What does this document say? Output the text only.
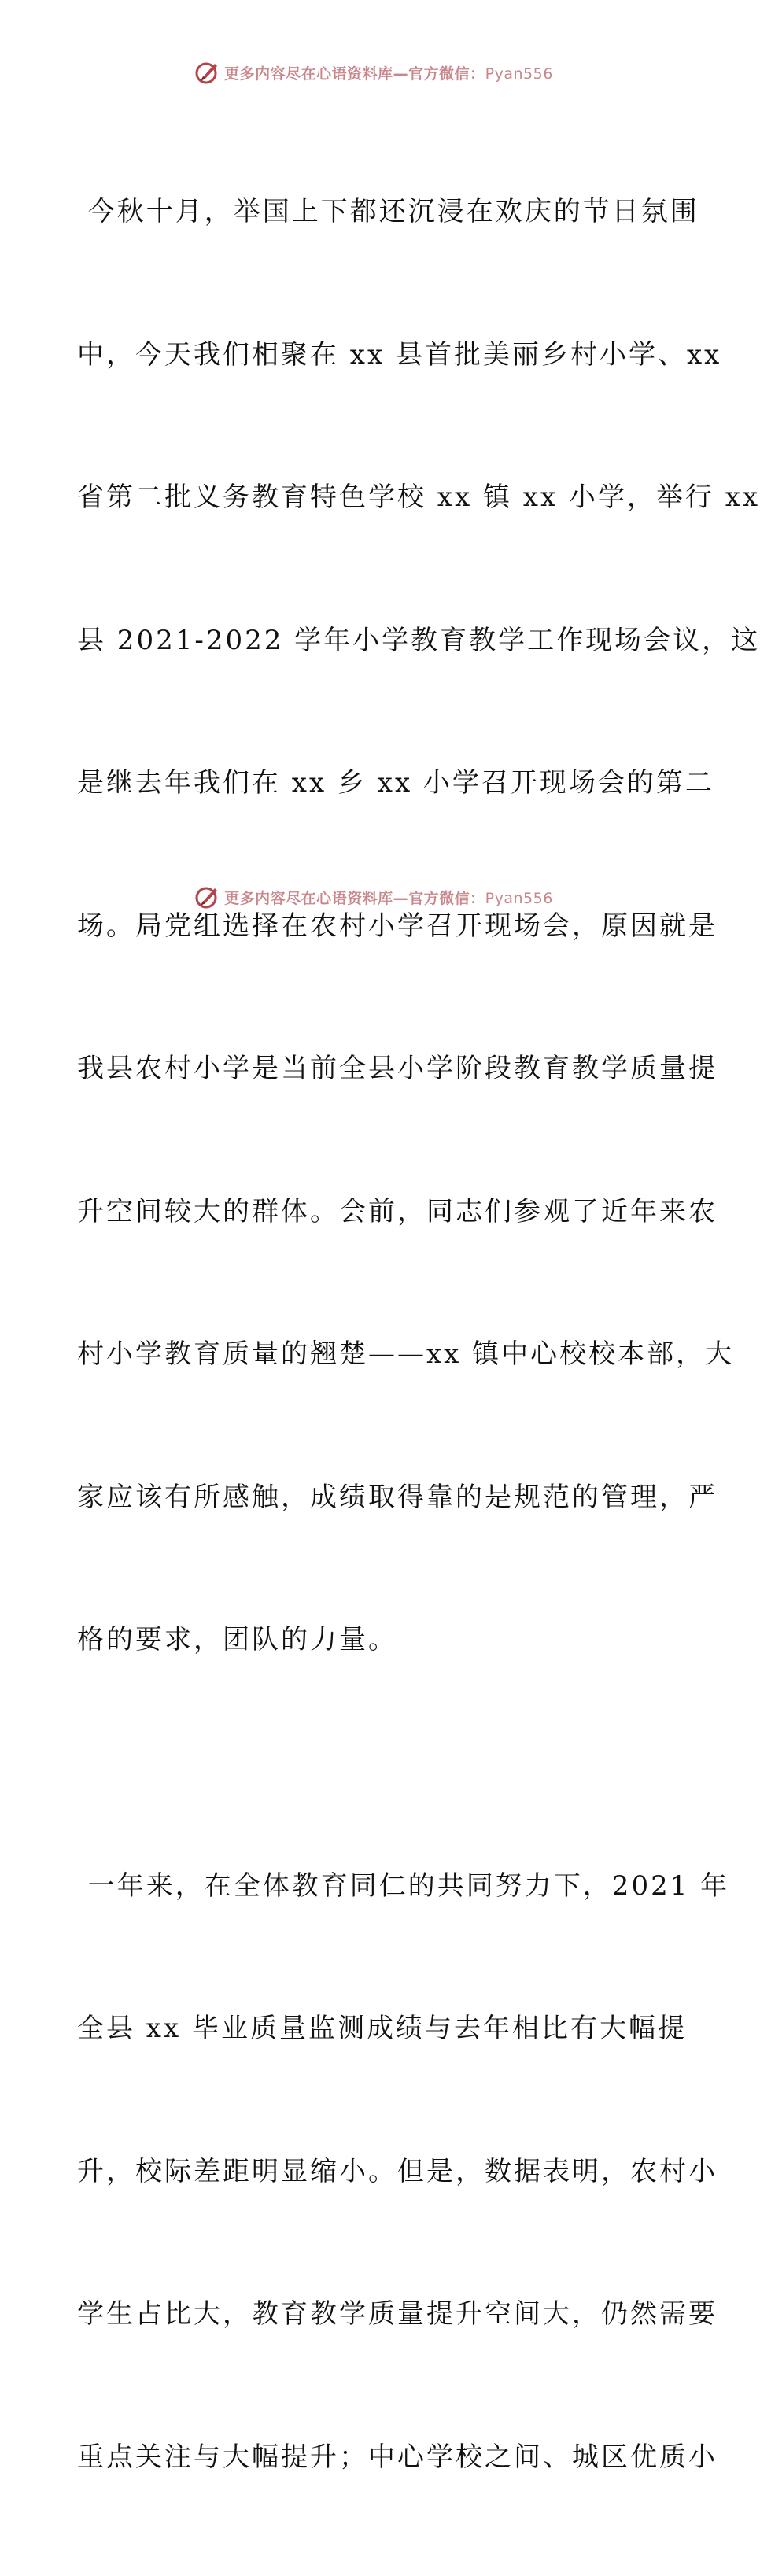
更多内容尽在心语资料库—官方微信：Pyan556

今秋十月，举国上下都还沉浸在欢庆的节日氛围

中，今天我们相聚在 xx 县首批美丽乡村小学、xx

省第二批义务教育特色学校 xx 镇 xx 小学，举行 xx

县 2021-2022 学年小学教育教学工作现场会议，这

是继去年我们在 xx 乡 xx 小学召开现场会的第二

场。局党组选择在农村小学召开现场会，原因就是

我县农村小学是当前全县小学阶段教育教学质量提

升空间较大的群体。会前，同志们参观了近年来农

村小学教育质量的翘楚——xx 镇中心校校本部，大

家应该有所感触，成绩取得靠的是规范的管理，严

格的要求，团队的力量。

一年来，在全体教育同仁的共同努力下，2021 年

全县 xx 毕业质量监测成绩与去年相比有大幅提

升，校际差距明显缩小。但是，数据表明，农村小

学生占比大，教育教学质量提升空间大，仍然需要

重点关注与大幅提升；中心学校之间、城区优质小

更多内容尽在心语资料库—官方微信：Pyan556
